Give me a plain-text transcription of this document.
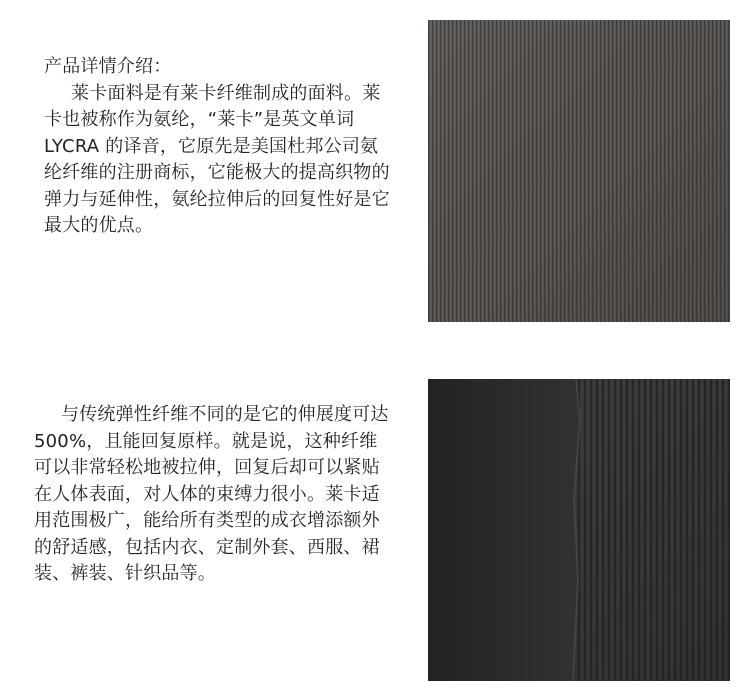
产品详情介绍：

莱卡面料是有莱卡纤维制成的面料。莱卡也被称作为氨纶，“莱卡”是英文单词 LYCRA 的译音，它原先是美国杜邦公司氨纶纤维的注册商标，它能极大的提高织物的弹力与延伸性，氨纶拉伸后的回复性好是它最大的优点。

与传统弹性纤维不同的是它的伸展度可达500%，且能回复原样。就是说，这种纤维可以非常轻松地被拉伸，回复后却可以紧贴在人体表面，对人体的束缚力很小。莱卡适用范围极广，能给所有类型的成衣增添额外的舒适感，包括内衣、定制外套、西服、裙装、裤装、针织品等。
